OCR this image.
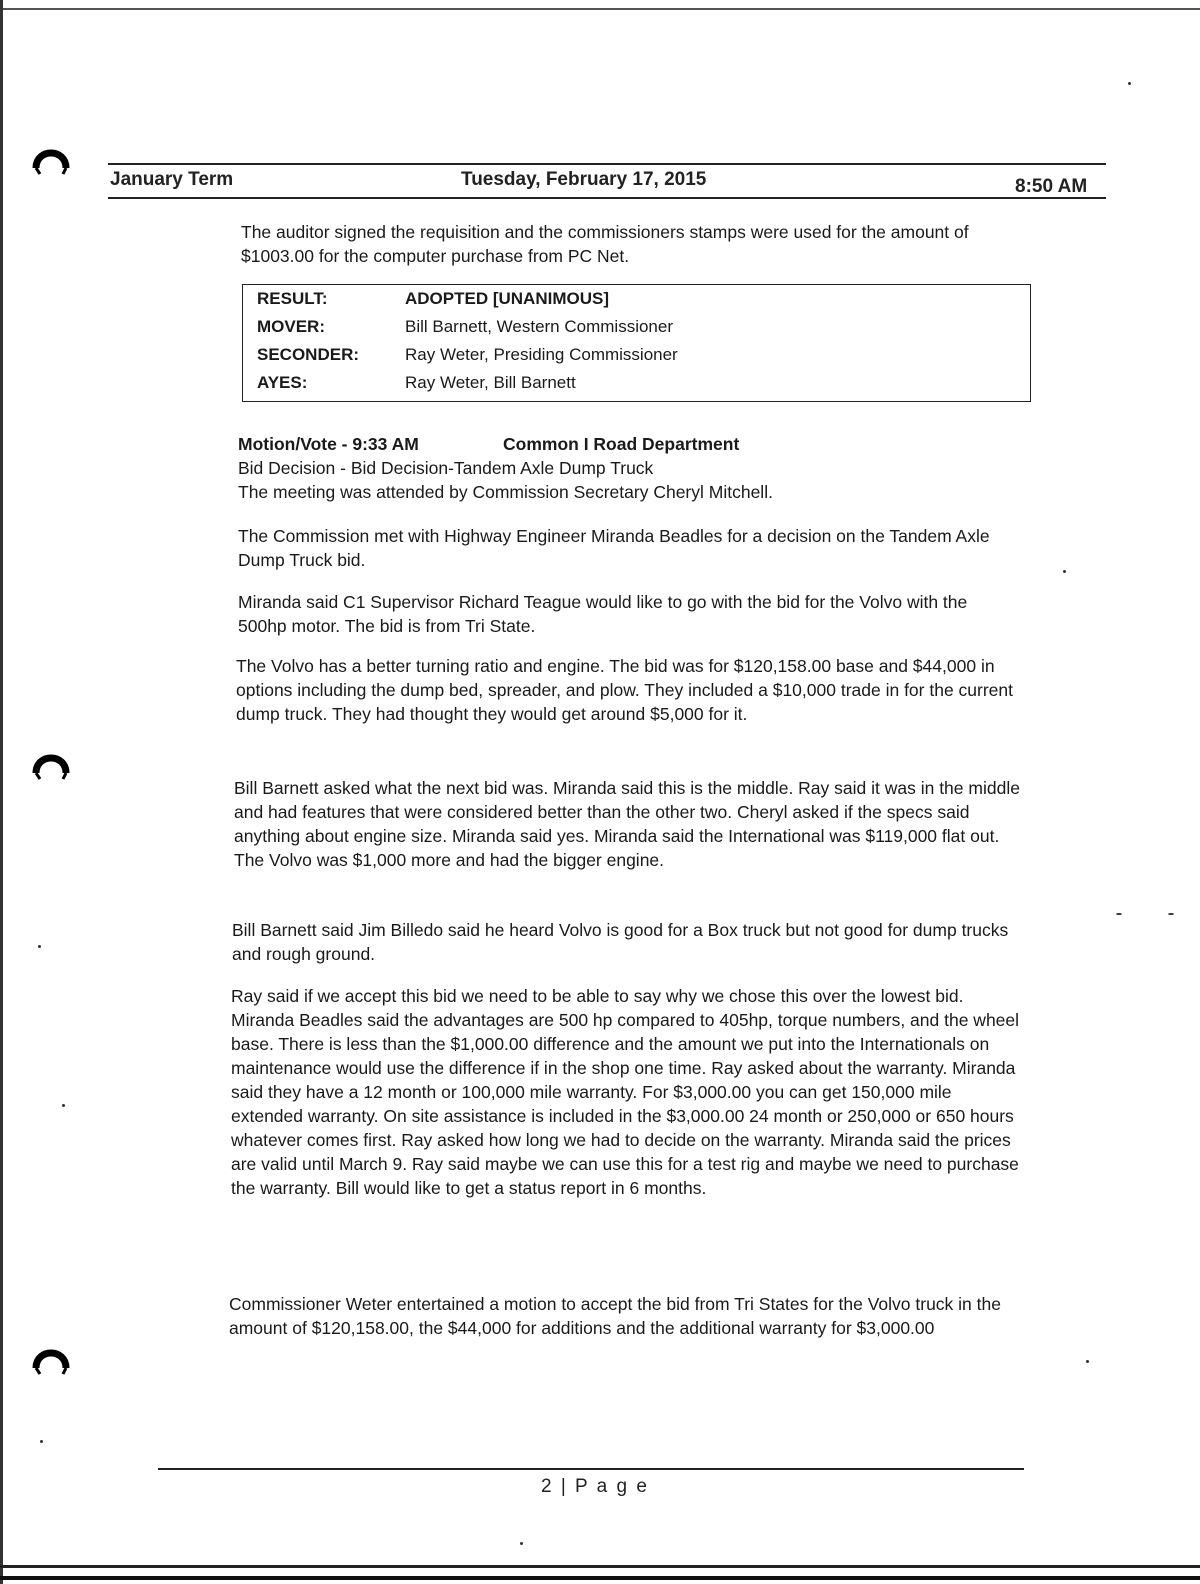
January Term	Tuesday, February 17, 2015	8:50 AM

The auditor signed the requisition and the commissioners stamps were used for the amount of $1003.00 for the computer purchase from PC Net.

RESULT:	ADOPTED [UNANIMOUS]
MOVER:	Bill Barnett, Western Commissioner
SECONDER:	Ray Weter, Presiding Commissioner
AYES:	Ray Weter, Bill Barnett
Motion/Vote - 9:33 AM	Common I Road Department

Bid Decision - Bid Decision-Tandem Axle Dump Truck

The meeting was attended by Commission Secretary Cheryl Mitchell.

The Commission met with Highway Engineer Miranda Beadles for a decision on the Tandem Axle Dump Truck bid.

Miranda said C1 Supervisor Richard Teague would like to go with the bid for the Volvo with the 500hp motor. The bid is from Tri State.

The Volvo has a better turning ratio and engine. The bid was for $120,158.00 base and $44,000 in options including the dump bed, spreader, and plow. They included a $10,000 trade in for the current dump truck. They had thought they would get around $5,000 for it.

Bill Barnett asked what the next bid was. Miranda said this is the middle. Ray said it was in the middle and had features that were considered better than the other two. Cheryl asked if the specs said anything about engine size. Miranda said yes. Miranda said the International was $119,000 flat out. The Volvo was $1,000 more and had the bigger engine.

Bill Barnett said Jim Billedo said he heard Volvo is good for a Box truck but not good for dump trucks and rough ground.

Ray said if we accept this bid we need to be able to say why we chose this over the lowest bid. Miranda Beadles said the advantages are 500 hp compared to 405hp, torque numbers, and the wheel base. There is less than the $1,000.00 difference and the amount we put into the Internationals on maintenance would use the difference if in the shop one time. Ray asked about the warranty. Miranda said they have a 12 month or 100,000 mile warranty. For $3,000.00 you can get 150,000 mile extended warranty. On site assistance is included in the $3,000.00 24 month or 250,000 or 650 hours whatever comes first. Ray asked how long we had to decide on the warranty. Miranda said the prices are valid until March 9. Ray said maybe we can use this for a test rig and maybe we need to purchase the warranty. Bill would like to get a status report in 6 months.

Commissioner Weter entertained a motion to accept the bid from Tri States for the Volvo truck in the amount of $120,158.00, the $44,000 for additions and the additional warranty for $3,000.00

2 | P a g e
